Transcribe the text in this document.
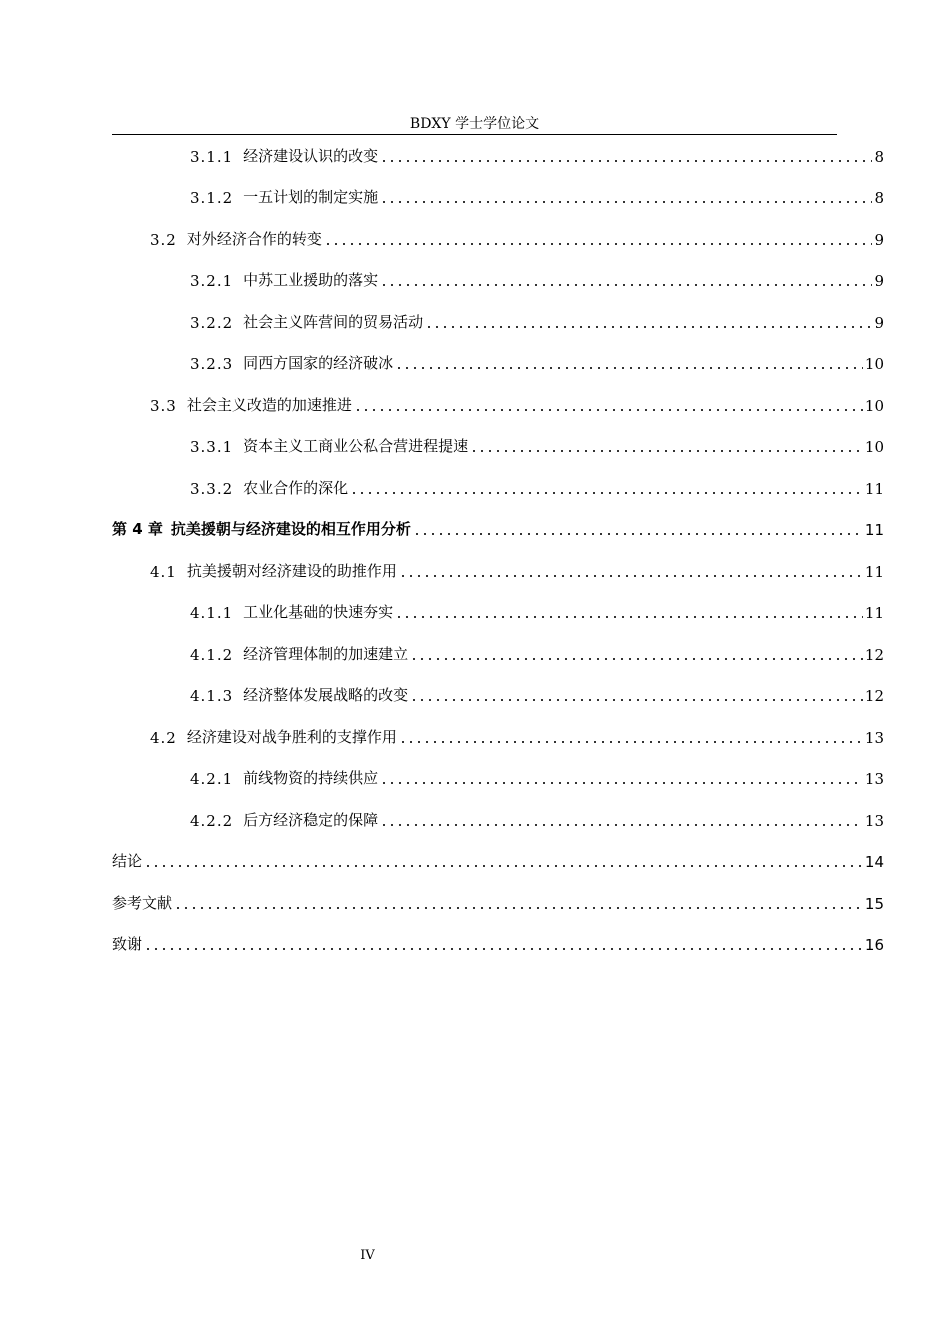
BDXY 学士学位论文
3.1.1 经济建设认识的改变	8
3.1.2 一五计划的制定实施	8
3.2 对外经济合作的转变	9
3.2.1 中苏工业援助的落实	9
3.2.2 社会主义阵营间的贸易活动	9
3.2.3 同西方国家的经济破冰	10
3.3 社会主义改造的加速推进	10
3.3.1 资本主义工商业公私合营进程提速	10
3.3.2 农业合作的深化	11
第 4 章 抗美援朝与经济建设的相互作用分析	11
4.1 抗美援朝对经济建设的助推作用	11
4.1.1 工业化基础的快速夯实	11
4.1.2 经济管理体制的加速建立	12
4.1.3 经济整体发展战略的改变	12
4.2 经济建设对战争胜利的支撑作用	13
4.2.1 前线物资的持续供应	13
4.2.2 后方经济稳定的保障	13
结论	14
参考文献	15
致谢	16
IV
